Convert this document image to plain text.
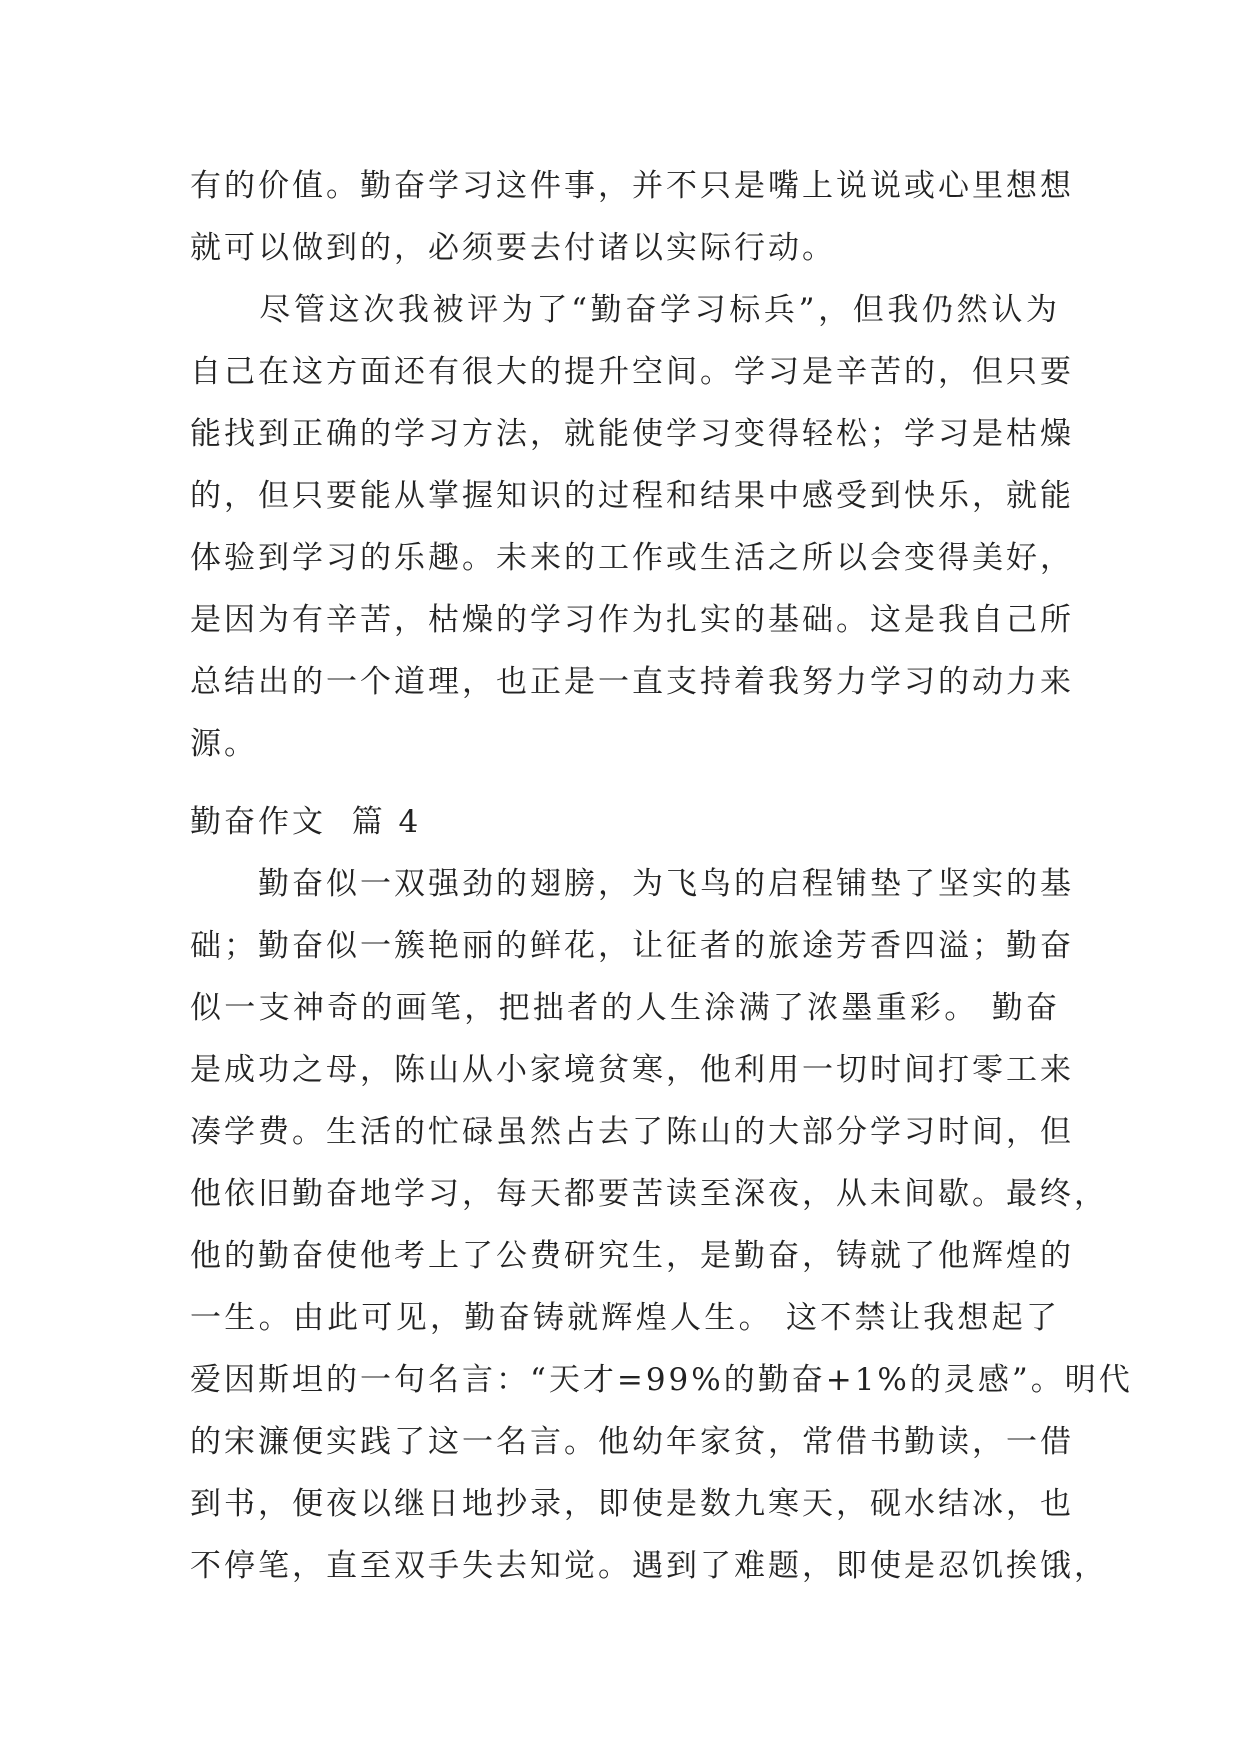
有的价值。勤奋学习这件事，并不只是嘴上说说或心里想想
就可以做到的，必须要去付诸以实际行动。
　　尽管这次我被评为了“勤奋学习标兵”，但我仍然认为
自己在这方面还有很大的提升空间。学习是辛苦的，但只要
能找到正确的学习方法，就能使学习变得轻松；学习是枯燥
的，但只要能从掌握知识的过程和结果中感受到快乐，就能
体验到学习的乐趣。未来的工作或生活之所以会变得美好，
是因为有辛苦，枯燥的学习作为扎实的基础。这是我自己所
总结出的一个道理，也正是一直支持着我努力学习的动力来
源。
勤奋作文  篇 4
　　勤奋似一双强劲的翅膀，为飞鸟的启程铺垫了坚实的基
础；勤奋似一簇艳丽的鲜花，让征者的旅途芳香四溢；勤奋
似一支神奇的画笔，把拙者的人生涂满了浓墨重彩。 勤奋
是成功之母，陈山从小家境贫寒，他利用一切时间打零工来
凑学费。生活的忙碌虽然占去了陈山的大部分学习时间，但
他依旧勤奋地学习，每天都要苦读至深夜，从未间歇。最终，
他的勤奋使他考上了公费研究生，是勤奋，铸就了他辉煌的
一生。由此可见，勤奋铸就辉煌人生。 这不禁让我想起了
爱因斯坦的一句名言：“天才=99%的勤奋+1%的灵感”。明代
的宋濂便实践了这一名言。他幼年家贫，常借书勤读，一借
到书，便夜以继日地抄录，即使是数九寒天，砚水结冰，也
不停笔，直至双手失去知觉。遇到了难题，即使是忍饥挨饿，
